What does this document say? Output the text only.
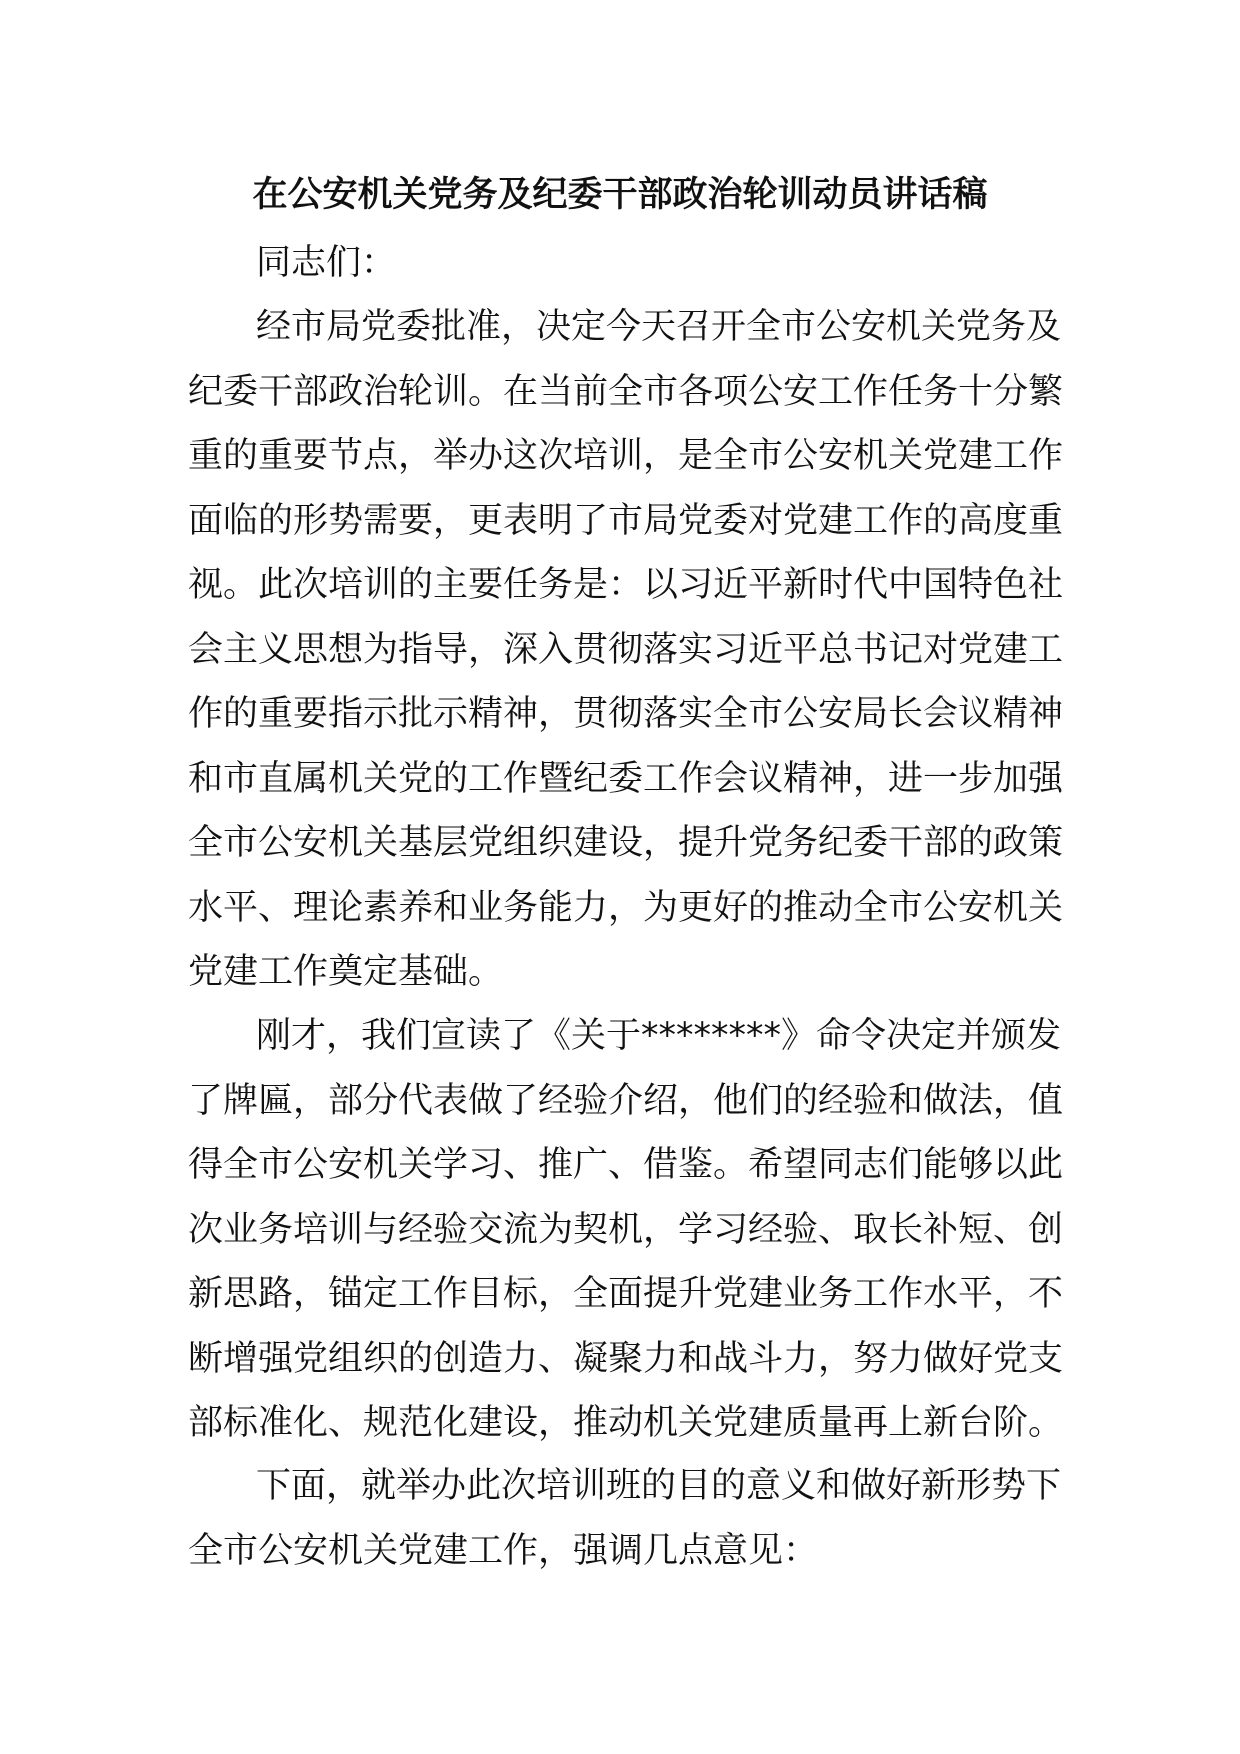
在公安机关党务及纪委干部政治轮训动员讲话稿

同志们：

经市局党委批准，决定今天召开全市公安机关党务及
纪委干部政治轮训。在当前全市各项公安工作任务十分繁
重的重要节点，举办这次培训，是全市公安机关党建工作
面临的形势需要，更表明了市局党委对党建工作的高度重
视。此次培训的主要任务是：以习近平新时代中国特色社
会主义思想为指导，深入贯彻落实习近平总书记对党建工
作的重要指示批示精神，贯彻落实全市公安局长会议精神
和市直属机关党的工作暨纪委工作会议精神，进一步加强
全市公安机关基层党组织建设，提升党务纪委干部的政策
水平、理论素养和业务能力，为更好的推动全市公安机关
党建工作奠定基础。
刚才，我们宣读了《关于********》命令决定并颁发
了牌匾，部分代表做了经验介绍，他们的经验和做法，值
得全市公安机关学习、推广、借鉴。希望同志们能够以此
次业务培训与经验交流为契机，学习经验、取长补短、创
新思路，锚定工作目标，全面提升党建业务工作水平，不
断增强党组织的创造力、凝聚力和战斗力，努力做好党支
部标准化、规范化建设，推动机关党建质量再上新台阶。
下面，就举办此次培训班的目的意义和做好新形势下
全市公安机关党建工作，强调几点意见：
